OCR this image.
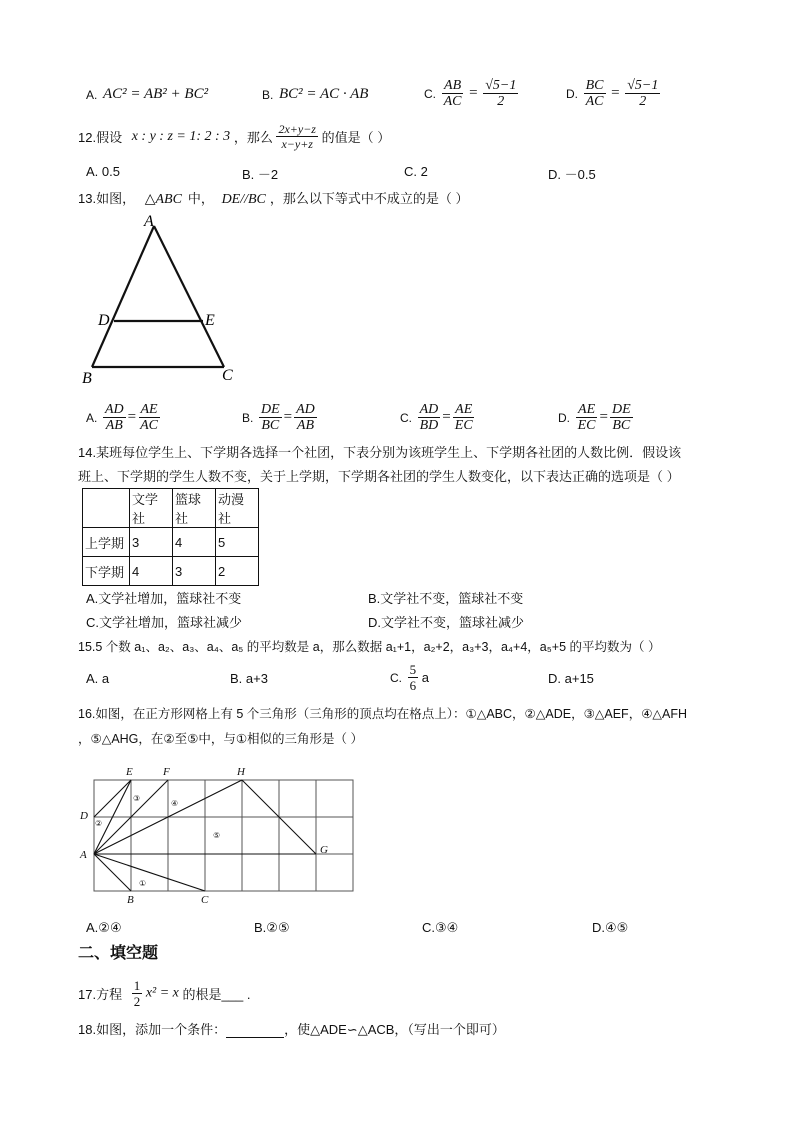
A. AC² = AB² + BC²	B. BC² = AC · AB	C. $\frac{AB}{AC} = \frac{√5-1}{2}$	D. $\frac{BC}{AC} = \frac{√5-1}{2}$
12.假设 x : y : z = 1: 2 : 3 ，那么 $\frac{2x+y-z}{x-y+z}$ 的值是（ ）
A. 0.5	B. －2	C. 2	D. －0.5
13.如图， △ABC 中， DE//BC ，那么以下等式中不成立的是（ ）
A
D	E
B	C
A. $\frac{AD}{AB} = \frac{AE}{AC}$	B. $\frac{DE}{BC} = \frac{AD}{AB}$	C. $\frac{AD}{BD} = \frac{AE}{EC}$	D. $\frac{AE}{EC} = \frac{DE}{BC}$
14.某班每位学生上、下学期各选择一个社团，下表分别为该班学生上、下学期各社团的人数比例．假设该
班上、下学期的学生人数不变，关于上学期，下学期各社团的学生人数变化，以下表达正确的选项是（ ）
	文学社	篮球社	动漫社
上学期	3	4	5
下学期	4	3	2
A.文学社增加，篮球社不变	B.文学社不变，篮球社不变
C.文学社增加，篮球社减少	D.文学社不变，篮球社减少
15.5 个数 a₁、a₂、a₃、a₄、a₅ 的平均数是 a，那么数据 a₁+1，a₂+2，a₃+3，a₄+4，a₅+5 的平均数为（ ）
A. a	B. a+3	C. $\frac{5}{6}$ a	D. a+15
16.如图，在正方形网格上有 5 个三角形（三角形的顶点均在格点上）：①△ABC，②△ADE，③△AEF，④△AFH
，⑤△AHG，在②至⑤中，与①相似的三角形是（ ）
E	F	H
D
A	G
B	C
①
②
③
④
⑤
A.②④	B.②⑤	C.③④	D.④⑤
二、填空题
17.方程 $\frac{1}{2} x^2 = x$ 的根是___ .
18.如图，添加一个条件：	，使△ADE∽△ACB，（写出一个即可）
